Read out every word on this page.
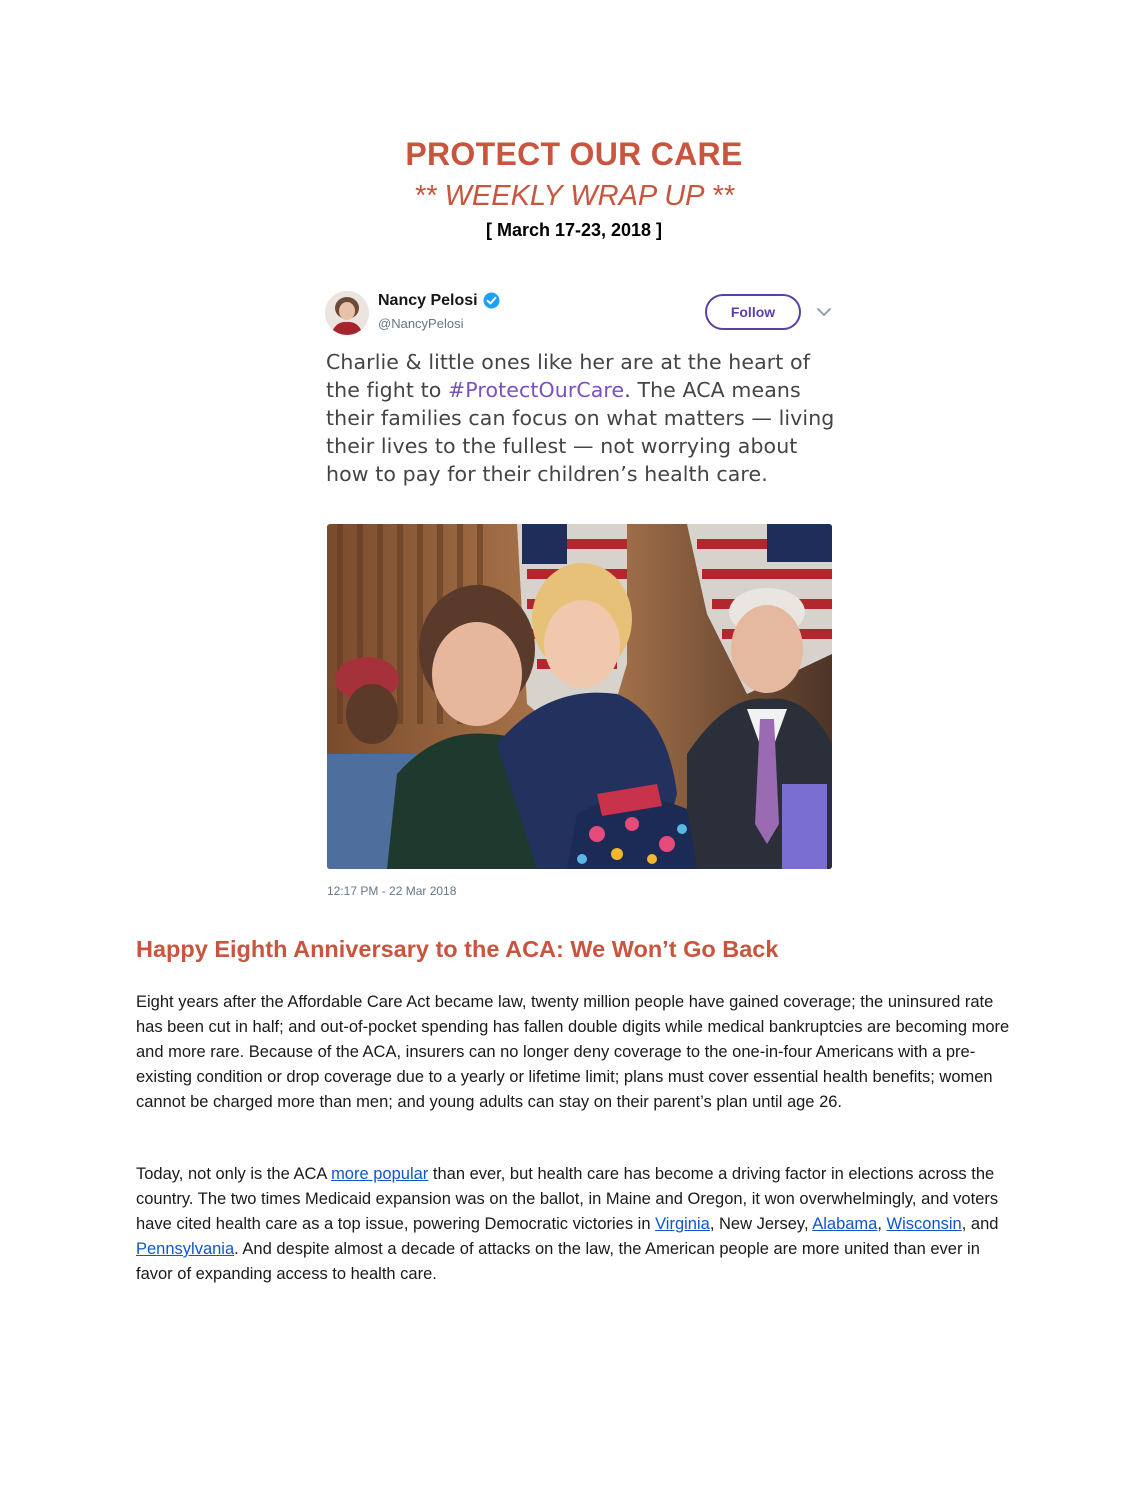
PROTECT OUR CARE
** WEEKLY WRAP UP **
[ March 17-23, 2018 ]
Nancy Pelosi
@NancyPelosi
Follow
Charlie & little ones like her are at the heart of the fight to #ProtectOurCare. The ACA means their families can focus on what matters — living their lives to the fullest — not worrying about how to pay for their children’s health care.
12:17 PM - 22 Mar 2018
Happy Eighth Anniversary to the ACA: We Won’t Go Back
Eight years after the Affordable Care Act became law, twenty million people have gained coverage; the uninsured rate has been cut in half; and out-of-pocket spending has fallen double digits while medical bankruptcies are becoming more and more rare. Because of the ACA, insurers can no longer deny coverage to the one-in-four Americans with a pre-existing condition or drop coverage due to a yearly or lifetime limit; plans must cover essential health benefits; women cannot be charged more than men; and young adults can stay on their parent’s plan until age 26.
Today, not only is the ACA more popular than ever, but health care has become a driving factor in elections across the country. The two times Medicaid expansion was on the ballot, in Maine and Oregon, it won overwhelmingly, and voters have cited health care as a top issue, powering Democratic victories in Virginia, New Jersey, Alabama, Wisconsin, and Pennsylvania. And despite almost a decade of attacks on the law, the American people are more united than ever in favor of expanding access to health care.
